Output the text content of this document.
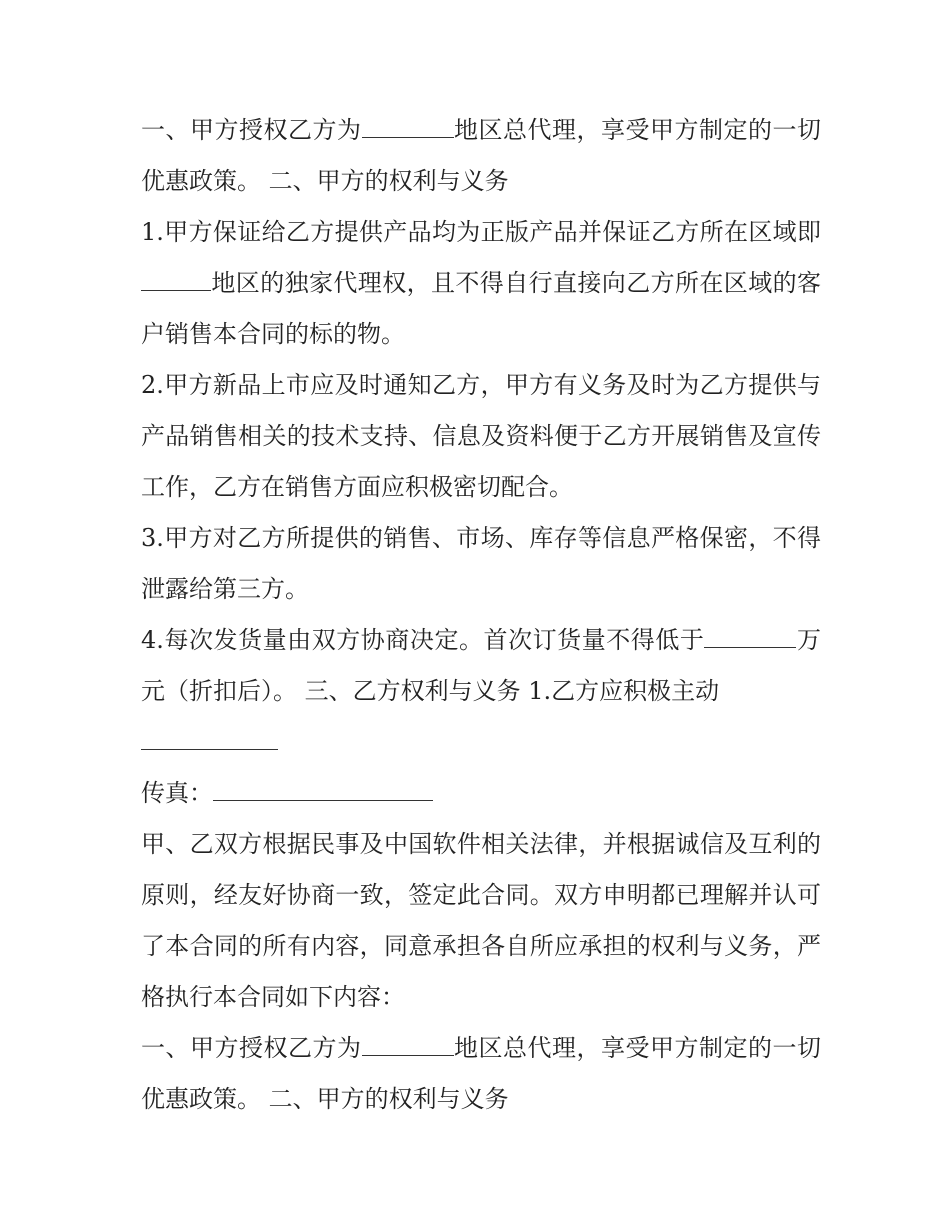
一、甲方授权乙方为	地区总代理，享受甲方制定的一切优惠政策。 二、甲方的权利与义务

1.甲方保证给乙方提供产品均为正版产品并保证乙方所在区域即地区的独家代理权，且不得自行直接向乙方所在区域的客户销售本合同的标的物。

2.甲方新品上市应及时通知乙方，甲方有义务及时为乙方提供与产品销售相关的技术支持、信息及资料便于乙方开展销售及宣传工作，乙方在销售方面应积极密切配合。

3.甲方对乙方所提供的销售、市场、库存等信息严格保密，不得泄露给第三方。

4.每次发货量由双方协商决定。首次订货量不得低于	万元（折扣后）。 三、乙方权利与义务 1.乙方应积极主动

传真：

甲、乙双方根据民事及中国软件相关法律，并根据诚信及互利的原则，经友好协商一致，签定此合同。双方申明都已理解并认可了本合同的所有内容，同意承担各自所应承担的权利与义务，严格执行本合同如下内容：

一、甲方授权乙方为	地区总代理，享受甲方制定的一切优惠政策。 二、甲方的权利与义务
